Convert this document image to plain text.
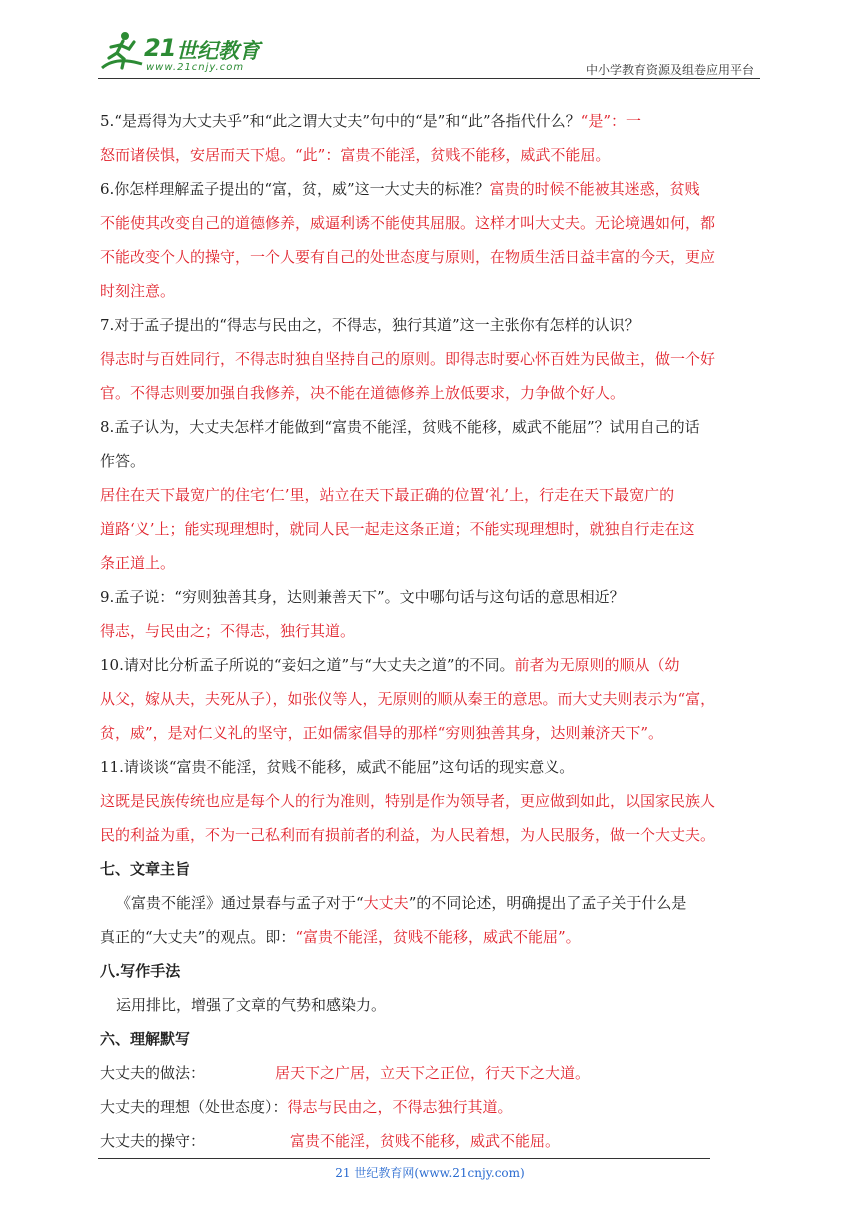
21 世纪教育
www.21cnjy.com	中小学教育资源及组卷应用平台
5.“是焉得为大丈夫乎”和“此之谓大丈夫”句中的“是”和“此”各指代什么？“是”：一
怒而诸侯惧，安居而天下熄。“此”：富贵不能淫，贫贱不能移，威武不能屈。
6.你怎样理解孟子提出的“富，贫，威”这一大丈夫的标准？富贵的时候不能被其迷惑，贫贱
不能使其改变自己的道德修养，威逼利诱不能使其屈服。这样才叫大丈夫。无论境遇如何，都
不能改变个人的操守，一个人要有自己的处世态度与原则，在物质生活日益丰富的今天，更应
时刻注意。
7.对于孟子提出的“得志与民由之，不得志，独行其道”这一主张你有怎样的认识？
得志时与百姓同行，不得志时独自坚持自己的原则。即得志时要心怀百姓为民做主，做一个好
官。不得志则要加强自我修养，决不能在道德修养上放低要求，力争做个好人。
8.孟子认为，大丈夫怎样才能做到“富贵不能淫，贫贱不能移，威武不能屈”？试用自己的话
作答。
居住在天下最宽广的住宅‘仁’里，站立在天下最正确的位置‘礼’上，行走在天下最宽广的
道路‘义’上；能实现理想时，就同人民一起走这条正道；不能实现理想时，就独自行走在这
条正道上。
9.孟子说：“穷则独善其身，达则兼善天下”。文中哪句话与这句话的意思相近？
得志，与民由之；不得志，独行其道。
10.请对比分析孟子所说的“妾妇之道”与“大丈夫之道”的不同。前者为无原则的顺从（幼
从父，嫁从夫，夫死从子），如张仪等人，无原则的顺从秦王的意思。而大丈夫则表示为“富，
贫，威”，是对仁义礼的坚守，正如儒家倡导的那样“穷则独善其身，达则兼济天下”。
11.请谈谈“富贵不能淫，贫贱不能移，威武不能屈”这句话的现实意义。
这既是民族传统也应是每个人的行为准则，特别是作为领导者，更应做到如此，以国家民族人
民的利益为重，不为一己私利而有损前者的利益，为人民着想，为人民服务，做一个大丈夫。
七、文章主旨
《富贵不能淫》通过景春与孟子对于“大丈夫”的不同论述，明确提出了孟子关于什么是
真正的“大丈夫”的观点。即：“富贵不能淫，贫贱不能移，威武不能屈”。
八.写作手法
运用排比，增强了文章的气势和感染力。
六、理解默写
大丈夫的做法：	居天下之广居，立天下之正位，行天下之大道。
大丈夫的理想（处世态度）：得志与民由之，不得志独行其道。
大丈夫的操守：	富贵不能淫，贫贱不能移，威武不能屈。
21 世纪教育网(www.21cnjy.com)
